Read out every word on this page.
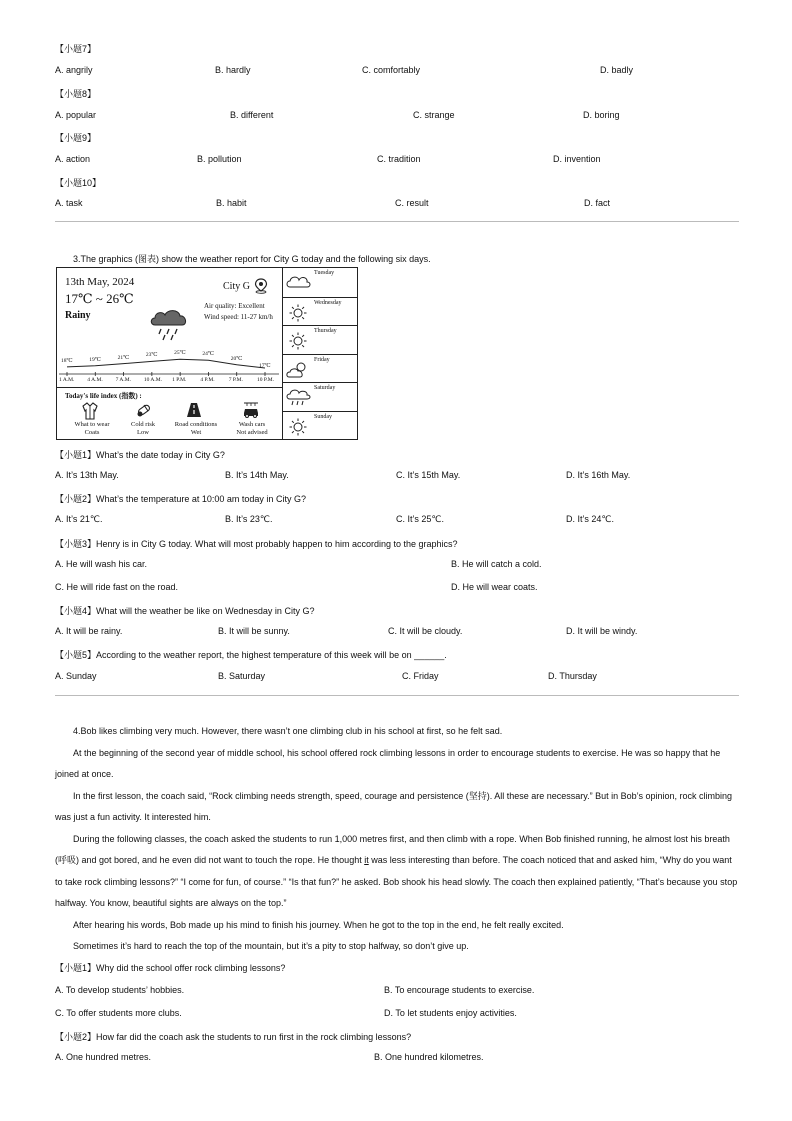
【小题7】
A. angrily	B. hardly	C. comfortably	D. badly
【小题8】
A. popular	B. different	C. strange	D. boring
【小题9】
A. action	B. pollution	C. tradition	D. invention
【小题10】
A. task	B. habit	C. result	D. fact
3.The graphics (图表) show the weather report for City G today and the following six days.
13th May, 2024
17℃ ~ 26℃
Rainy
City G
Air quality: Excellent
Wind speed: 11-27 km/h
18℃	19℃	21℃	23℃	25℃	24℃
20℃
17℃
1 A.M. 4 A.M. 7 A.M. 10 A.M. 1 P.M.	4 P.M.	7 P.M.	10 P.M.
Today's life index (指数) :
What to wear
Coats
Cold risk
Low
Road conditions
Wet
Wash cars
Not advised
Tuesday
Wednesday
Thursday
Friday
Saturday
Sunday
【小题1】What’s the date today in City G?
A. It’s 13th May.	B. It’s 14th May.	C. It’s 15th May.	D. It’s 16th May.
【小题2】What’s the temperature at 10:00 am today in City G?
A. It’s 21℃.	B. It’s 23℃.	C. It’s 25℃.	D. It’s 24℃.
【小题3】Henry is in City G today. What will most probably happen to him according to the graphics?
A. He will wash his car.	B. He will catch a cold.
C. He will ride fast on the road.	D. He will wear coats.
【小题4】What will the weather be like on Wednesday in City G?
A. It will be rainy.	B. It will be sunny.	C. It will be cloudy.	D. It will be windy.
【小题5】According to the weather report, the highest temperature of this week will be on ______.
A. Sunday	B. Saturday	C. Friday	D. Thursday

4.Bob likes climbing very much. However, there wasn’t one climbing club in his school at first, so he felt sad.

At the beginning of the second year of middle school, his school offered rock climbing lessons in order to encourage students to exercise. He was so happy that he joined at once.

In the first lesson, the coach said, “Rock climbing needs strength, speed, courage and persistence (坚持). All these are necessary.” But in Bob’s opinion, rock climbing was just a fun activity. It interested him.

During the following classes, the coach asked the students to run 1,000 metres first, and then climb with a rope. When Bob finished running, he almost lost his breath (呼吸) and got bored, and he even did not want to touch the rope. He thought it was less interesting than before. The coach noticed that and asked him, “Why do you want to take rock climbing lessons?” “I come for fun, of course.” “Is that fun?” he asked. Bob shook his head slowly. The coach then explained patiently, “That’s because you stop halfway. You know, beautiful sights are always on the top.”

After hearing his words, Bob made up his mind to finish his journey. When he got to the top in the end, he felt really excited.

Sometimes it’s hard to reach the top of the mountain, but it’s a pity to stop halfway, so don’t give up.

【小题1】Why did the school offer rock climbing lessons?

A. To develop students’ hobbies.	B. To encourage students to exercise.
C. To offer students more clubs.	D. To let students enjoy activities.
【小题2】How far did the coach ask the students to run first in the rock climbing lessons?
A. One hundred metres.	B. One hundred kilometres.
